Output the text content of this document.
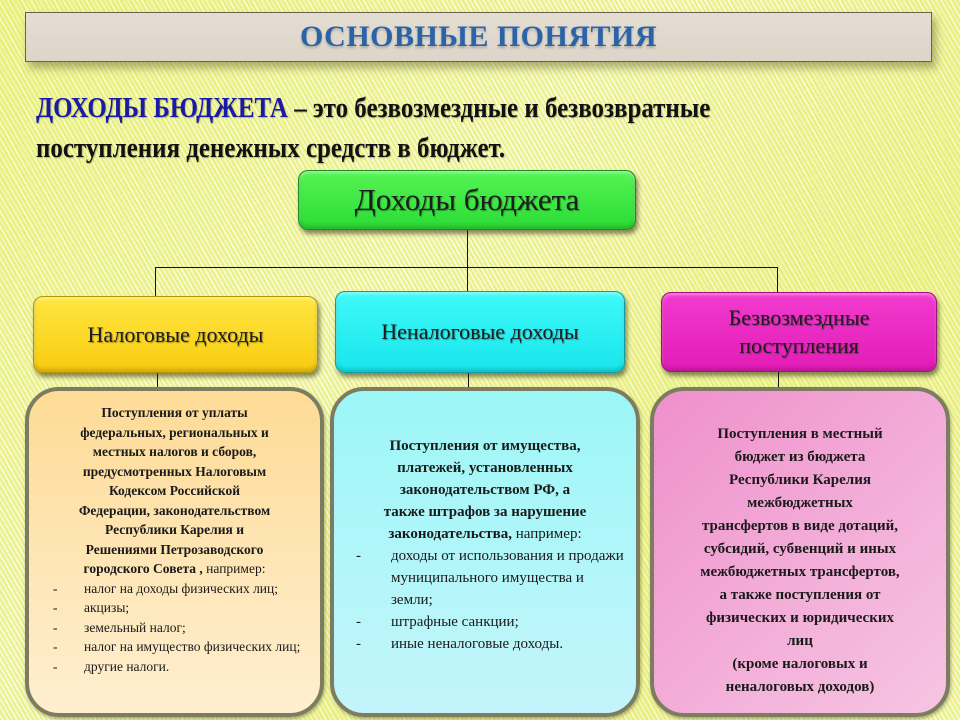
ОСНОВНЫЕ ПОНЯТИЯ
ДОХОДЫ БЮДЖЕТА – это безвозмездные и безвозвратные
поступления денежных средств в бюджет.
Доходы бюджета
Налоговые доходы	Неналоговые доходы
Безвозмездные
поступления
Поступления от уплаты
федеральных, региональных и
местных налогов и сборов,
предусмотренных Налоговым
Кодексом Российской
Федерации, законодательством
Республики Карелия и
Решениями Петрозаводского
городского Совета , например:
- налог на доходы физических лиц;
- акцизы;
- земельный налог;
- налог на имущество физических лиц;
- другие налоги.
Поступления от имущества,
платежей, установленных
законодательством РФ, а
также штрафов за нарушение
законодательства, например:
- доходы от использования и продажи муниципального имущества и земли;
- штрафные санкции;
- иные неналоговые доходы.
Поступления в местный
бюджет из бюджета
Республики Карелия
межбюджетных
трансфертов в виде дотаций,
субсидий, субвенций и иных
межбюджетных трансфертов,
а также поступления от
физических и юридических
лиц
(кроме налоговых и
неналоговых доходов)
